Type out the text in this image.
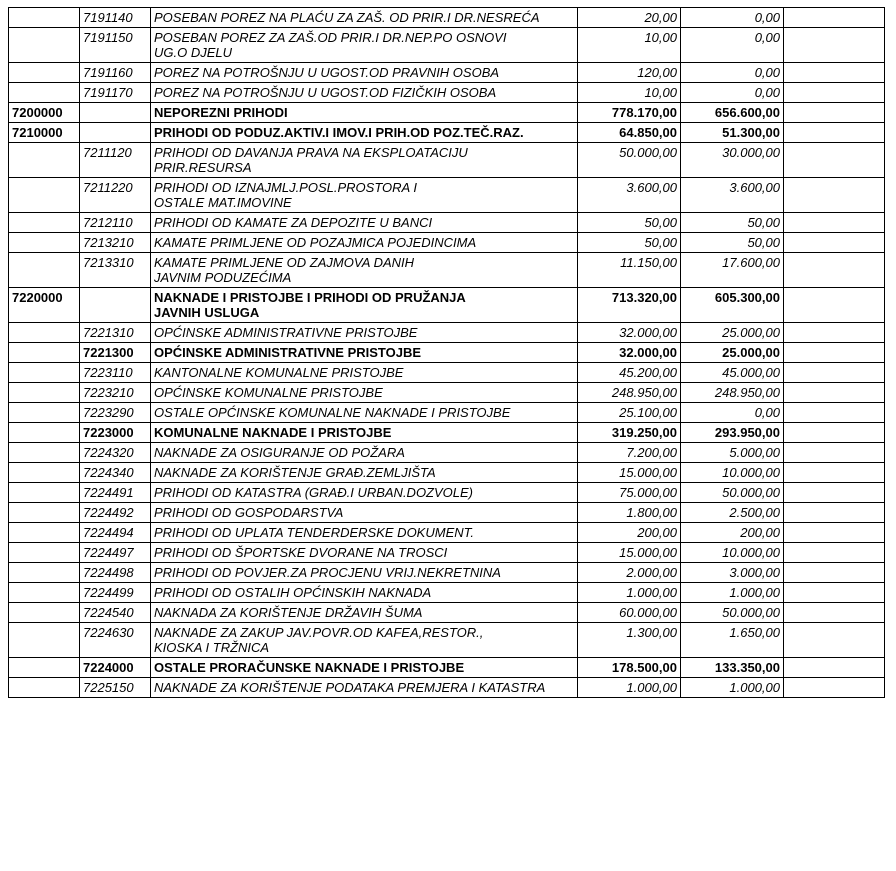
	7191140	POSEBAN POREZ NA PLAĆU ZA ZAŠ. OD PRIR.I DR.NESREĆA	20,00	0,00	
	7191150	POSEBAN POREZ ZA ZAŠ.OD PRIR.I DR.NEP.PO OSNOVI
UG.O DJELU	10,00	0,00	
	7191160	POREZ NA POTROŠNJU U UGOST.OD PRAVNIH OSOBA	120,00	0,00	
	7191170	POREZ NA POTROŠNJU U UGOST.OD FIZIČKIH OSOBA	10,00	0,00	
7200000		NEPOREZNI PRIHODI	778.170,00	656.600,00	
7210000		PRIHODI OD PODUZ.AKTIV.I IMOV.I PRIH.OD POZ.TEČ.RAZ.	64.850,00	51.300,00	
	7211120	PRIHODI OD DAVANJA PRAVA NA EKSPLOATACIJU
PRIR.RESURSA	50.000,00	30.000,00	
	7211220	PRIHODI OD IZNAJMLJ.POSL.PROSTORA I
OSTALE MAT.IMOVINE	3.600,00	3.600,00	
	7212110	PRIHODI OD KAMATE ZA DEPOZITE U BANCI	50,00	50,00	
	7213210	KAMATE PRIMLJENE OD POZAJMICA POJEDINCIMA	50,00	50,00	
	7213310	KAMATE PRIMLJENE OD ZAJMOVA DANIH
JAVNIM PODUZEĆIMA	11.150,00	17.600,00	
7220000		NAKNADE I PRISTOJBE I PRIHODI OD PRUŽANJA
JAVNIH USLUGA	713.320,00	605.300,00	
	7221310	OPĆINSKE ADMINISTRATIVNE PRISTOJBE	32.000,00	25.000,00	
	7221300	OPĆINSKE ADMINISTRATIVNE PRISTOJBE	32.000,00	25.000,00	
	7223110	KANTONALNE KOMUNALNE PRISTOJBE	45.200,00	45.000,00	
	7223210	OPĆINSKE KOMUNALNE PRISTOJBE	248.950,00	248.950,00	
	7223290	OSTALE OPĆINSKE KOMUNALNE NAKNADE I PRISTOJBE	25.100,00	0,00	
	7223000	KOMUNALNE NAKNADE I PRISTOJBE	319.250,00	293.950,00	
	7224320	NAKNADE ZA OSIGURANJE OD POŽARA	7.200,00	5.000,00	
	7224340	NAKNADE ZA KORIŠTENJE GRAĐ.ZEMLJIŠTA	15.000,00	10.000,00	
	7224491	PRIHODI OD KATASTRA (GRAĐ.I URBAN.DOZVOLE)	75.000,00	50.000,00	
	7224492	PRIHODI OD GOSPODARSTVA	1.800,00	2.500,00	
	7224494	PRIHODI OD UPLATA TENDERDERSKE DOKUMENT.	200,00	200,00	
	7224497	PRIHODI OD ŠPORTSKE DVORANE NA TROSCI	15.000,00	10.000,00	
	7224498	PRIHODI OD POVJER.ZA PROCJENU VRIJ.NEKRETNINA	2.000,00	3.000,00	
	7224499	PRIHODI OD OSTALIH OPĆINSKIH NAKNADA	1.000,00	1.000,00	
	7224540	NAKNADA ZA KORIŠTENJE DRŽAVIH ŠUMA	60.000,00	50.000,00	
	7224630	NAKNADE ZA ZAKUP JAV.POVR.OD KAFEA,RESTOR.,
KIOSKA I TRŽNICA	1.300,00	1.650,00	
	7224000	OSTALE PRORAČUNSKE NAKNADE I PRISTOJBE	178.500,00	133.350,00	
	7225150	NAKNADE ZA KORIŠTENJE PODATAKA PREMJERA I KATASTRA	1.000,00	1.000,00	
